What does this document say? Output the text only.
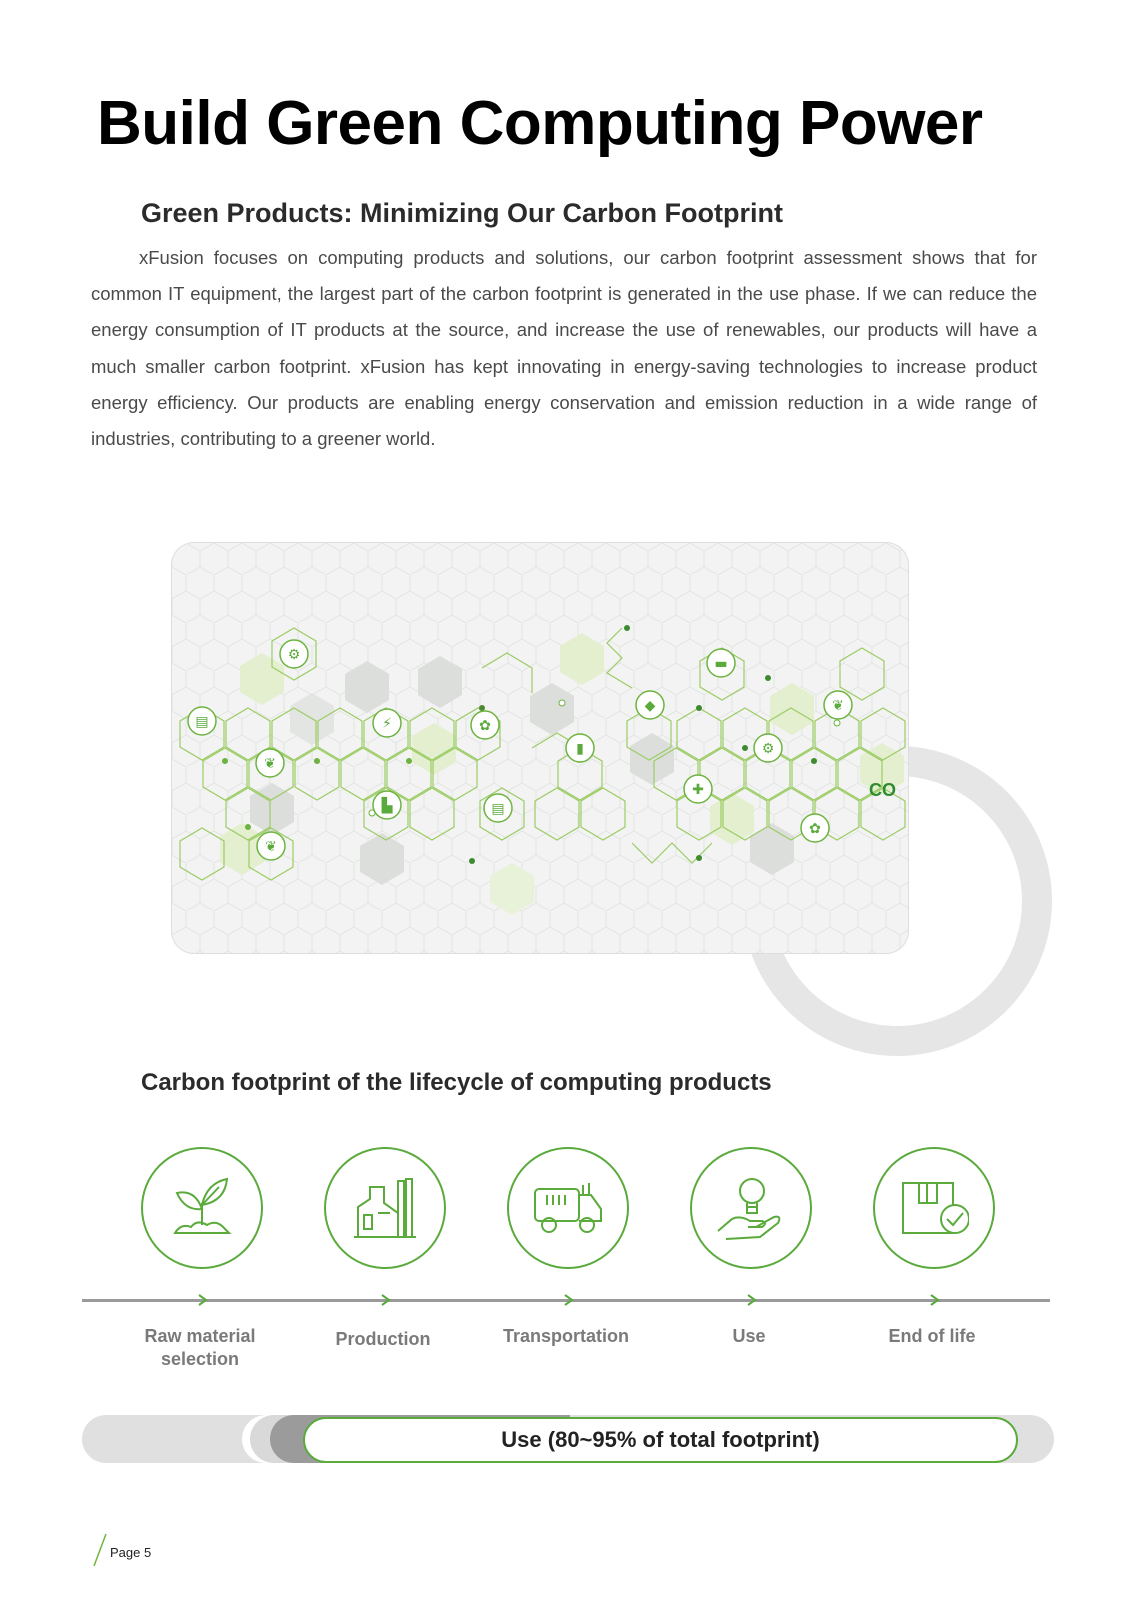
Build Green Computing Power
Green Products: Minimizing Our Carbon Footprint

xFusion focuses on computing products and solutions, our carbon footprint assessment shows that for common IT equipment, the largest part of the carbon footprint is generated in the use phase. If we can reduce the energy consumption of IT products at the source, and increase the use of renewables, our products will have a much smaller carbon footprint. xFusion has kept innovating in energy-saving technologies to increase product energy efficiency. Our products are enabling energy conservation and emission reduction in a wide range of industries, contributing to a greener world.

⚙
▤	⚡
❦
✿
▮
▙	▤
❦
▬
◆	❦
⚙
✚
✿
CO
Carbon footprint of the lifecycle of computing products
Raw material selection
Production	Transportation	Use	End of life
Use (80~95% of total footprint)
Page 5
